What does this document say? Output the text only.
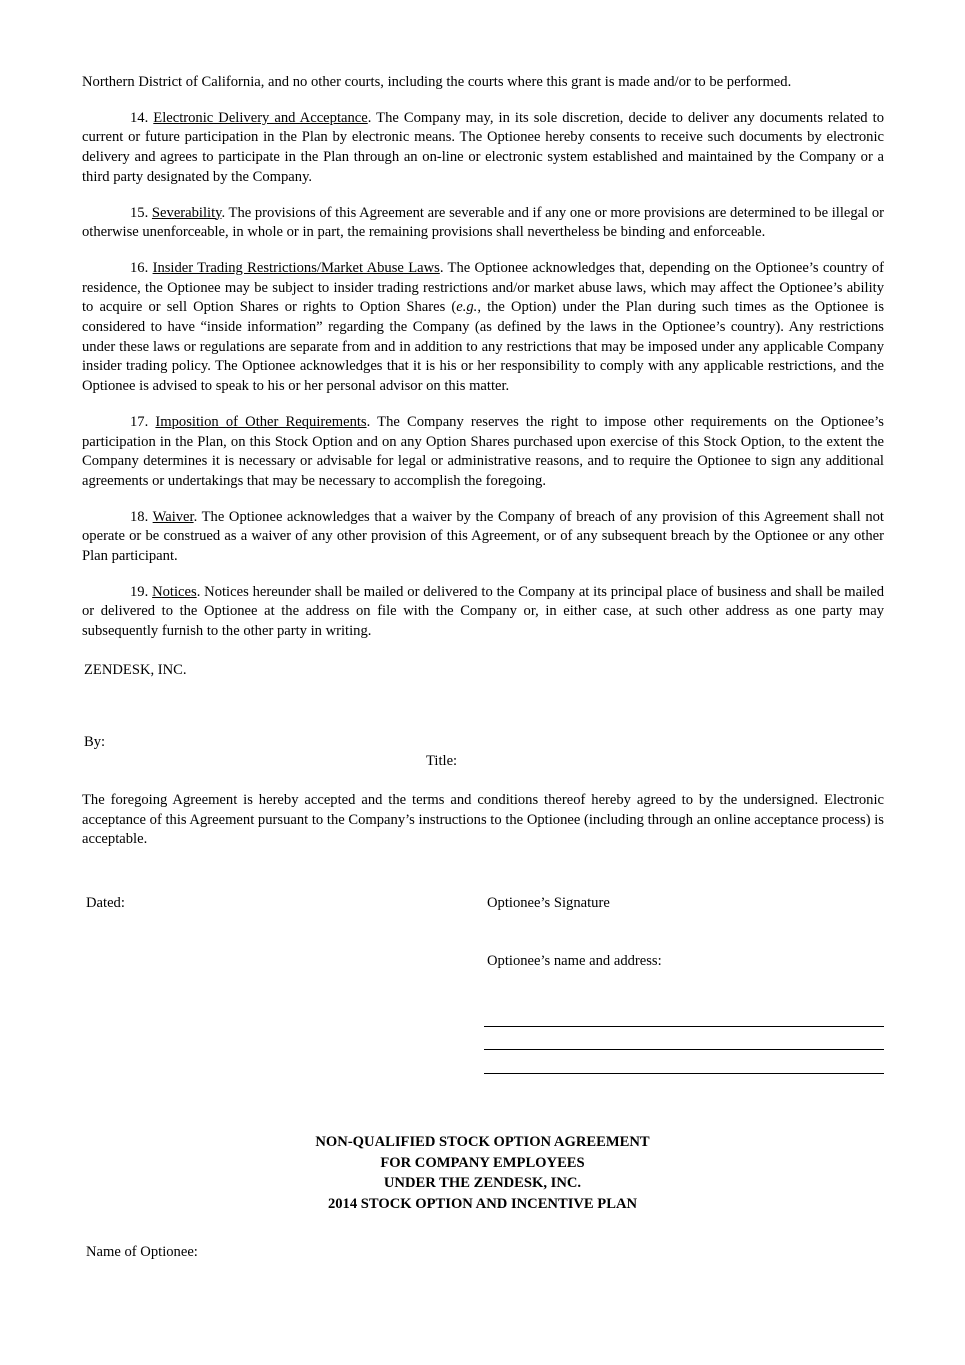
Northern District of California, and no other courts, including the courts where this grant is made and/or to be performed.

14. Electronic Delivery and Acceptance. The Company may, in its sole discretion, decide to deliver any documents related to current or future participation in the Plan by electronic means. The Optionee hereby consents to receive such documents by electronic delivery and agrees to participate in the Plan through an on-line or electronic system established and maintained by the Company or a third party designated by the Company.

15. Severability. The provisions of this Agreement are severable and if any one or more provisions are determined to be illegal or otherwise unenforceable, in whole or in part, the remaining provisions shall nevertheless be binding and enforceable.

16. Insider Trading Restrictions/Market Abuse Laws. The Optionee acknowledges that, depending on the Optionee’s country of residence, the Optionee may be subject to insider trading restrictions and/or market abuse laws, which may affect the Optionee’s ability to acquire or sell Option Shares or rights to Option Shares (e.g., the Option) under the Plan during such times as the Optionee is considered to have “inside information” regarding the Company (as defined by the laws in the Optionee’s country). Any restrictions under these laws or regulations are separate from and in addition to any restrictions that may be imposed under any applicable Company insider trading policy. The Optionee acknowledges that it is his or her responsibility to comply with any applicable restrictions, and the Optionee is advised to speak to his or her personal advisor on this matter.

17. Imposition of Other Requirements. The Company reserves the right to impose other requirements on the Optionee’s participation in the Plan, on this Stock Option and on any Option Shares purchased upon exercise of this Stock Option, to the extent the Company determines it is necessary or advisable for legal or administrative reasons, and to require the Optionee to sign any additional agreements or undertakings that may be necessary to accomplish the foregoing.

18. Waiver. The Optionee acknowledges that a waiver by the Company of breach of any provision of this Agreement shall not operate or be construed as a waiver of any other provision of this Agreement, or of any subsequent breach by the Optionee or any other Plan participant.

19. Notices. Notices hereunder shall be mailed or delivered to the Company at its principal place of business and shall be mailed or delivered to the Optionee at the address on file with the Company or, in either case, at such other address as one party may subsequently furnish to the other party in writing.

ZENDESK, INC.
By:
Title:

The foregoing Agreement is hereby accepted and the terms and conditions thereof hereby agreed to by the undersigned. Electronic acceptance of this Agreement pursuant to the Company’s instructions to the Optionee (including through an online acceptance process) is acceptable.

Dated:	Optionee’s Signature
Optionee’s name and address:
NON-QUALIFIED STOCK OPTION AGREEMENT
FOR COMPANY EMPLOYEES
UNDER THE ZENDESK, INC.
2014 STOCK OPTION AND INCENTIVE PLAN
Name of Optionee:
